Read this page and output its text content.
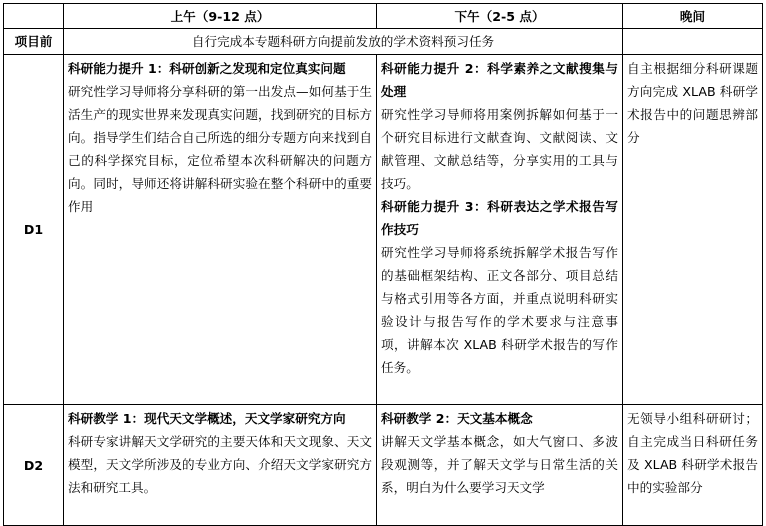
	上午（9-12 点）	下午（2-5 点）	晚间
项目前	自行完成本专题科研方向提前发放的学术资料预习任务		
D1	科研能力提升 1：科研创新之发现和定位真实问题
研究性学习导师将分享科研的第一出发点—如何基于生活生产的现实世界来发现真实问题，找到研究的目标方向。指导学生们结合自己所选的细分专题方向来找到自己的科学探究目标，定位希望本次科研解决的问题方向。同时，导师还将讲解科研实验在整个科研中的重要作用	科研能力提升 2：科学素养之文献搜集与处理
研究性学习导师将用案例拆解如何基于一个研究目标进行文献查询、文献阅读、文献管理、文献总结等，分享实用的工具与技巧。
科研能力提升 3：科研表达之学术报告写作技巧
研究性学习导师将系统拆解学术报告写作的基础框架结构、正文各部分、项目总结与格式引用等各方面，并重点说明科研实验设计与报告写作的学术要求与注意事项，讲解本次 XLAB 科研学术报告的写作任务。	自主根据细分科研课题方向完成 XLAB 科研学术报告中的问题思辨部分
D2	科研教学 1：现代天文学概述，天文学家研究方向
科研专家讲解天文学研究的主要天体和天文现象、天文模型，天文学所涉及的专业方向、介绍天文学家研究方法和研究工具。	科研教学 2：天文基本概念
讲解天文学基本概念，如大气窗口、多波段观测等，并了解天文学与日常生活的关系，明白为什么要学习天文学	无领导小组科研研讨；自主完成当日科研任务及 XLAB 科研学术报告中的实验部分
